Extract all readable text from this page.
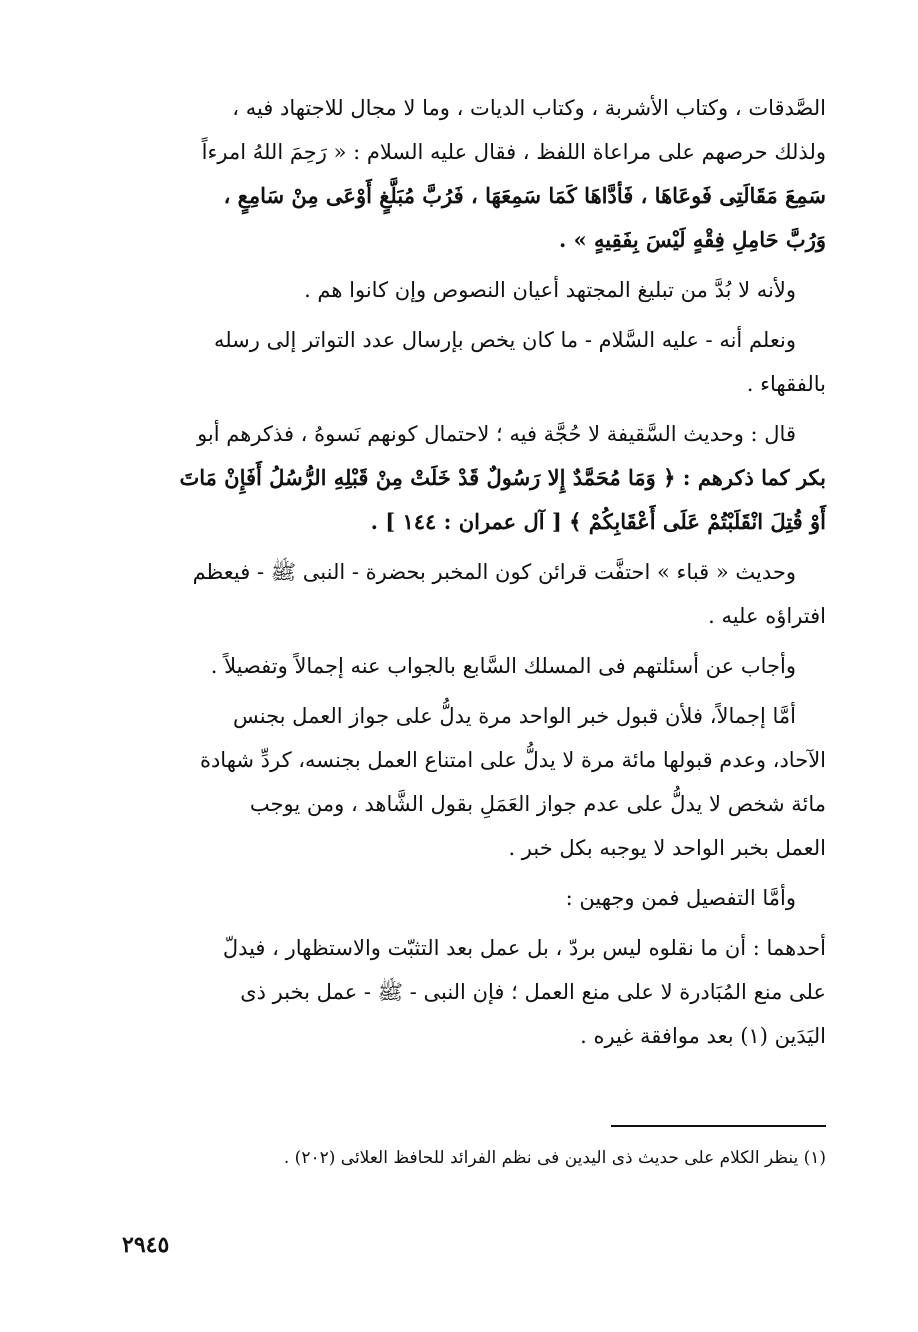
الصَّدقات ، وكتاب الأشربة ، وكتاب الديات ، وما لا مجال للاجتهاد فيه ،

ولذلك حرصهم على مراعاة اللفظ ، فقال عليه السلام : « رَحِمَ اللهُ امرءاً

سَمِعَ مَقَالَتِى فَوعَاهَا ، فَأدَّاهَا كَمَا سَمِعَهَا ، فَرُبَّ مُبَلَّغٍ أَوْعَى مِنْ سَامِعٍ ،

وَرُبَّ حَامِلِ فِقْهٍ لَيْسَ بِفَقِيهٍ » .

ولأنه لا بُدَّ من تبليغ المجتهد أعيان النصوص وإن كانوا هم .

ونعلم أنه - عليه السَّلام - ما كان يخص بإرسال عدد التواتر إلى رسله

بالفقهاء .

قال : وحديث السَّقيفة لا حُجَّة فيه ؛ لاحتمال كونهم نَسوهُ ، فذكرهم أبو

بكر كما ذكرهم : ﴿ وَمَا مُحَمَّدٌ إِلا رَسُولٌ قَدْ خَلَتْ مِنْ قَبْلِهِ الرُّسُلُ أَفَإِنْ مَاتَ

أَوْ قُتِلَ انْقَلَبْتُمْ عَلَى أَعْقَابِكُمْ ﴾ [ آل عمران : ١٤٤ ] .

وحديث « قباء » احتفَّت قرائن كون المخبر بحضرة - النبى ﷺ - فيعظم

افتراؤه عليه .

وأجاب عن أسئلتهم فى المسلك السَّابع بالجواب عنه إجمالاً وتفصيلاً .

أمَّا إجمالاً، فلأن قبول خبر الواحد مرة يدلُّ على جواز العمل بجنس

الآحاد، وعدم قبولها مائة مرة لا يدلُّ على امتناع العمل بجنسه، كردِّ شهادة

مائة شخص لا يدلُّ على عدم جواز العَمَلِ بقول الشَّاهد ، ومن يوجب

العمل بخبر الواحد لا يوجبه بكل خبر .

وأمَّا التفصيل فمن وجهين :

أحدهما : أن ما نقلوه ليس بردّ ، بل عمل بعد التثبّت والاستظهار ، فيدلّ

على منع المُبَادرة لا على منع العمل ؛ فإن النبى - ﷺ - عمل بخبر ذى

اليَدَين (١) بعد موافقة غيره .

(١) ينظر الكلام على حديث ذى اليدين فى نظم الفرائد للحافظ العلائى (٢٠٢) .
٢٩٤٥
